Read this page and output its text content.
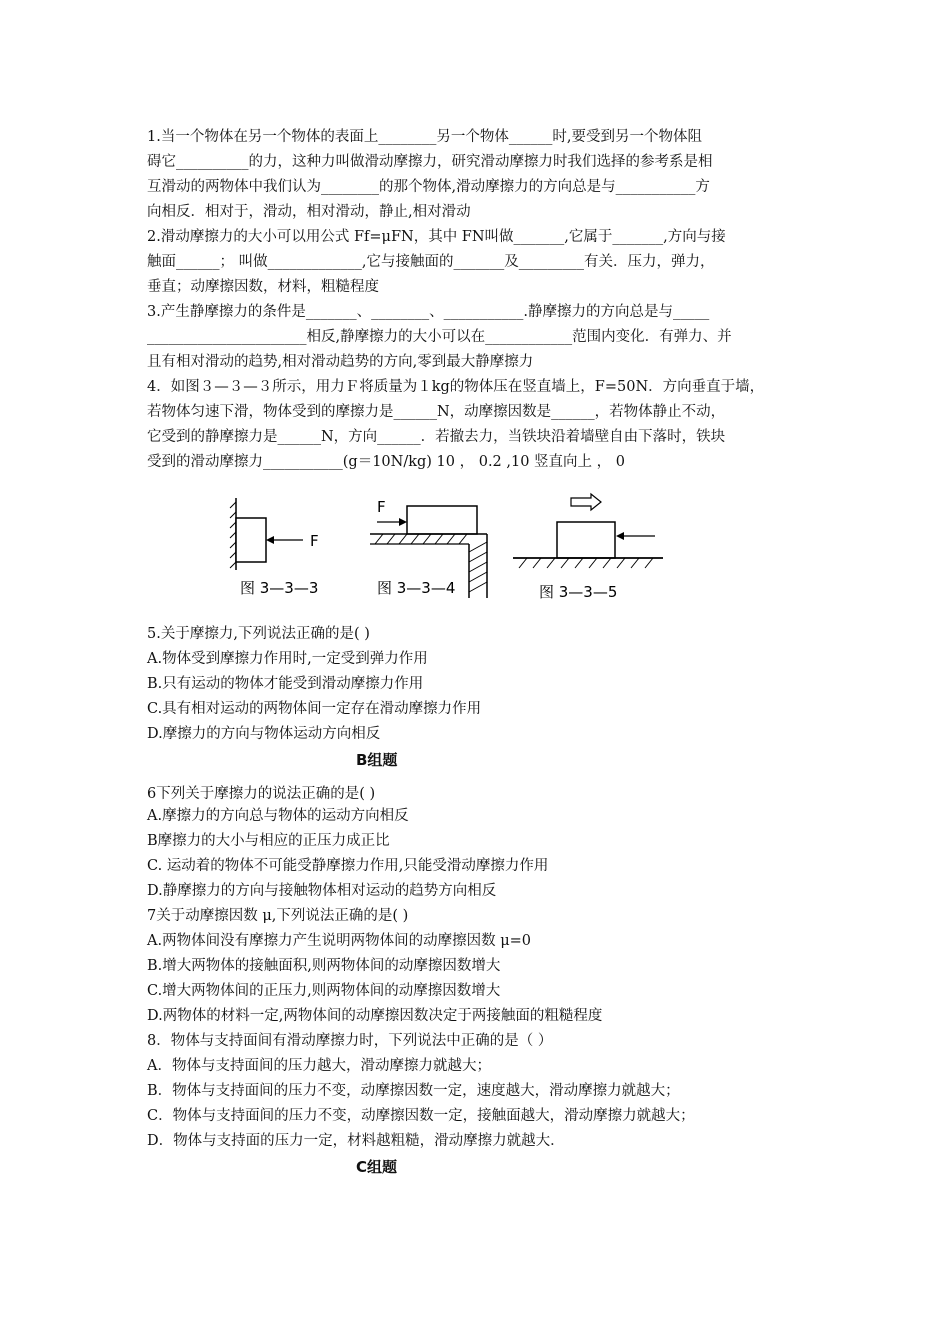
1.当一个物体在另一个物体的表面上________另一个物体______时,要受到另一个物体阻
碍它__________的力，这种力叫做滑动摩擦力，研究滑动摩擦力时我们选择的参考系是相
互滑动的两物体中我们认为________的那个物体,滑动摩擦力的方向总是与___________方
向相反．相对于，滑动，相对滑动，静止,相对滑动
2.滑动摩擦力的大小可以用公式 Ff=μFN，其中 FN叫做_______,它属于_______,方向与接
触面______； 叫做_____________,它与接触面的_______及_________有关．压力，弹力，
垂直；动摩擦因数，材料，粗糙程度
3.产生静摩擦力的条件是_______、________、___________.静摩擦力的方向总是与_____
______________________相反,静摩擦力的大小可以在____________范围内变化．有弹力、并
且有相对滑动的趋势,相对滑动趋势的方向,零到最大静摩擦力
4．如图３—３—３所示，用力Ｆ将质量为１kg的物体压在竖直墙上，F=50N．方向垂直于墙，
若物体匀速下滑，物体受到的摩擦力是______N，动摩擦因数是______，若物体静止不动，
它受到的静摩擦力是______N，方向______．若撤去力，当铁块沿着墙壁自由下落时，铁块
受到的滑动摩擦力___________(g＝10N/kg) 10 ， 0.2 ,10 竖直向上 ， 0
F
图 3—3—3
F
图 3—3—4	图 3—3—5
5.关于摩擦力,下列说法正确的是( )
A.物体受到摩擦力作用时,一定受到弹力作用
B.只有运动的物体才能受到滑动摩擦力作用
C.具有相对运动的两物体间一定存在滑动摩擦力作用
D.摩擦力的方向与物体运动方向相反
B组题
6下列关于摩擦力的说法正确的是( )
A.摩擦力的方向总与物体的运动方向相反
B摩擦力的大小与相应的正压力成正比
C. 运动着的物体不可能受静摩擦力作用,只能受滑动摩擦力作用
D.静摩擦力的方向与接触物体相对运动的趋势方向相反
7关于动摩擦因数 μ,下列说法正确的是( )
A.两物体间没有摩擦力产生说明两物体间的动摩擦因数 μ=0
B.增大两物体的接触面积,则两物体间的动摩擦因数增大
C.增大两物体间的正压力,则两物体间的动摩擦因数增大
D.两物体的材料一定,两物体间的动摩擦因数决定于两接触面的粗糙程度
8．物体与支持面间有滑动摩擦力时，下列说法中正确的是（ ）
A．物体与支持面间的压力越大，滑动摩擦力就越大；
B．物体与支持面间的压力不变，动摩擦因数一定，速度越大，滑动摩擦力就越大；
C．物体与支持面间的压力不变，动摩擦因数一定，接触面越大，滑动摩擦力就越大；
D．物体与支持面的压力一定，材料越粗糙，滑动摩擦力就越大．
C组题
